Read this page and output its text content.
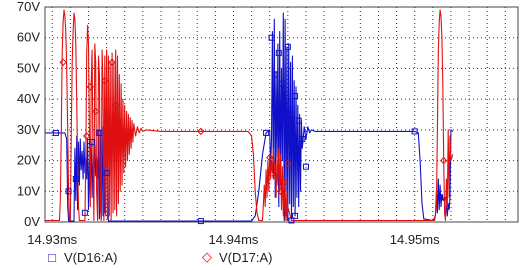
0V
10V
20V
30V
40V
50V
60V
70V
14.93ms	14.94ms	14.95ms
□ V(D16:A)	◇ V(D17:A)
